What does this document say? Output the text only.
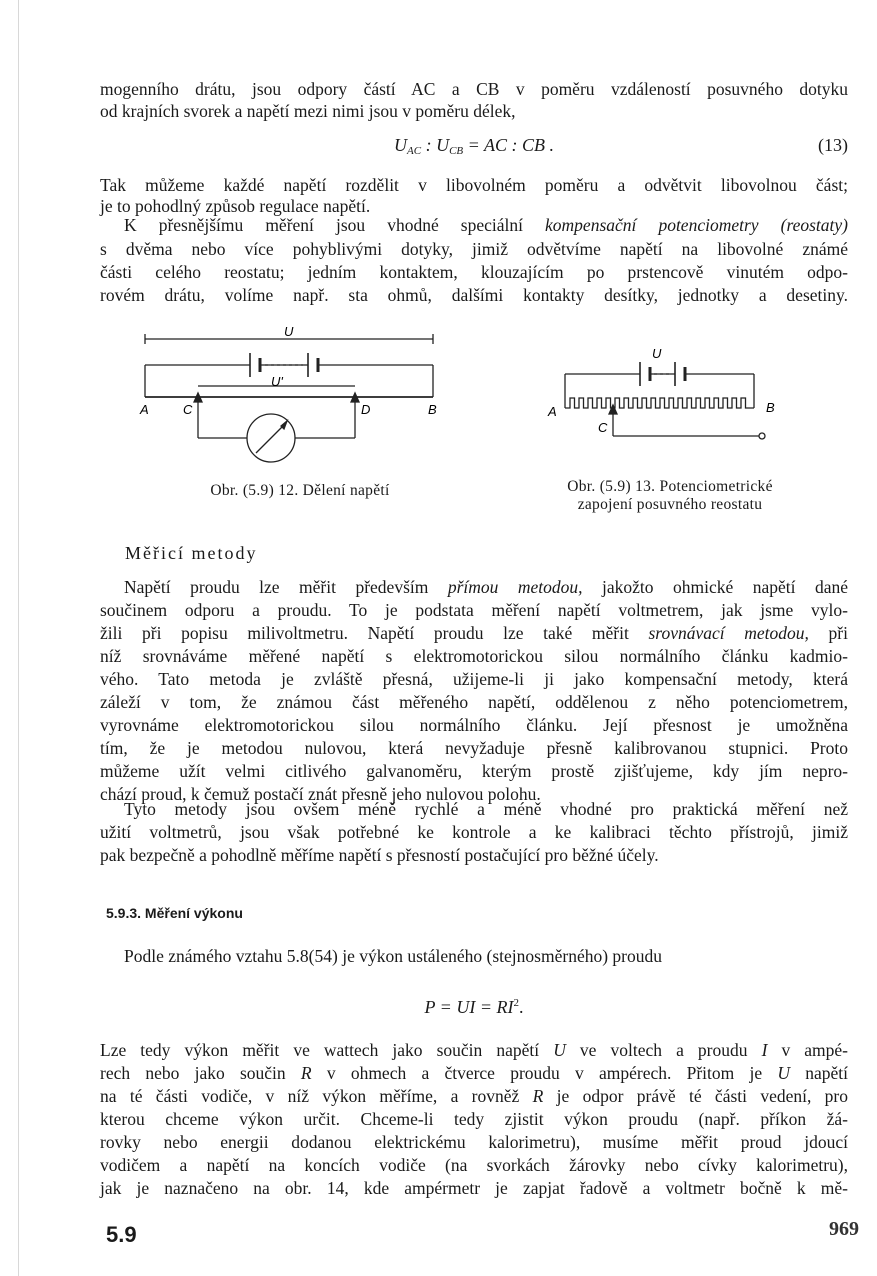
mogenního drátu, jsou odpory částí AC a CB v poměru vzdáleností posuvného dotyku
od krajních svorek a napětí mezi nimi jsou v poměru délek,
$U_{AC}$ : $U_{CB}$ = AC : CB .	(13)
Tak můžeme každé napětí rozdělit v libovolném poměru a odvětvit libovolnou část;
je to pohodlný způsob regulace napětí.
K přesnějšímu měření jsou vhodné speciální kompensační potenciometry (reostaty)
s dvěma nebo více pohyblivými dotyky, jimiž odvětvíme napětí na libovolné známé
části celého reostatu; jedním kontaktem, klouzajícím po prstencově vinutém odpo-
rovém drátu, volíme např. sta ohmů, dalšími kontakty desítky, jednotky a desetiny.
U
U'
A	C	D	B
Obr. (5.9) 12. Dělení napětí
U
A	B
C
Obr. (5.9) 13. Potenciometrické
zapojení posuvného reostatu
Měřicí metody
Napětí proudu lze měřit především přímou metodou, jakožto ohmické napětí dané
součinem odporu a proudu. To je podstata měření napětí voltmetrem, jak jsme vylo-
žili při popisu milivoltmetru. Napětí proudu lze také měřit srovnávací metodou, při
níž srovnáváme měřené napětí s elektromotorickou silou normálního článku kadmio-
vého. Tato metoda je zvláště přesná, užijeme-li ji jako kompensační metody, která
záleží v tom, že známou část měřeného napětí, oddělenou z něho potenciometrem,
vyrovnáme elektromotorickou silou normálního článku. Její přesnost je umožněna
tím, že je metodou nulovou, která nevyžaduje přesně kalibrovanou stupnici. Proto
můžeme užít velmi citlivého galvanoměru, kterým prostě zjišťujeme, kdy jím nepro-
chází proud, k čemuž postačí znát přesně jeho nulovou polohu.
Tyto metody jsou ovšem méně rychlé a méně vhodné pro praktická měření než
užití voltmetrů, jsou však potřebné ke kontrole a ke kalibraci těchto přístrojů, jimiž
pak bezpečně a pohodlně měříme napětí s přesností postačující pro běžné účely.
5.9.3. Měření výkonu
Podle známého vztahu 5.8(54) je výkon ustáleného (stejnosměrného) proudu
P = UI = $RI^2$.
Lze tedy výkon měřit ve wattech jako součin napětí U ve voltech a proudu I v ampé-
rech nebo jako součin R v ohmech a čtverce proudu v ampérech. Přitom je U napětí
na té části vodiče, v níž výkon měříme, a rovněž R je odpor právě té části vedení, pro
kterou chceme výkon určit. Chceme-li tedy zjistit výkon proudu (např. příkon žá-
rovky nebo energii dodanou elektrickému kalorimetru), musíme měřit proud jdoucí
vodičem a napětí na koncích vodiče (na svorkách žárovky nebo cívky kalorimetru),
jak je naznačeno na obr. 14, kde ampérmetr je zapjat řadově a voltmetr bočně k mě-
5.9	969
